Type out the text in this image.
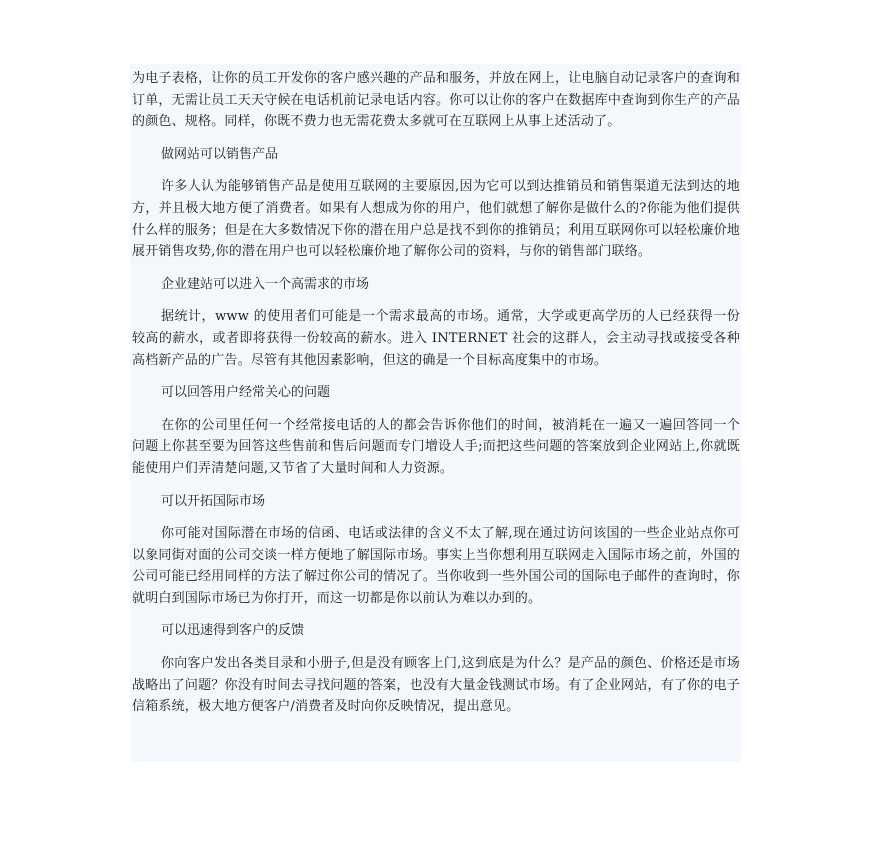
为电子表格，让你的员工开发你的客户感兴趣的产品和服务，并放在网上，让电脑自动记录客户的查询和订单，无需让员工天天守候在电话机前记录电话内容。你可以让你的客户在数据库中查询到你生产的产品的颜色、规格。同样，你既不费力也无需花费太多就可在互联网上从事上述活动了。

做网站可以销售产品

许多人认为能够销售产品是使用互联网的主要原因,因为它可以到达推销员和销售渠道无法到达的地方，并且极大地方便了消费者。如果有人想成为你的用户，他们就想了解你是做什么的?你能为他们提供什么样的服务；但是在大多数情况下你的潜在用户总是找不到你的推销员；利用互联网你可以轻松廉价地展开销售攻势,你的潜在用户也可以轻松廉价地了解你公司的资料，与你的销售部门联络。

企业建站可以进入一个高需求的市场

据统计，www 的使用者们可能是一个需求最高的市场。通常，大学或更高学历的人已经获得一份较高的薪水，或者即将获得一份较高的薪水。进入 INTERNET 社会的这群人，会主动寻找或接受各种高档新产品的广告。尽管有其他因素影响，但这的确是一个目标高度集中的市场。

可以回答用户经常关心的问题

在你的公司里任何一个经常接电话的人的都会告诉你他们的时间，被消耗在一遍又一遍回答同一个问题上你甚至要为回答这些售前和售后问题而专门增设人手;而把这些问题的答案放到企业网站上,你就既能使用户们弄清楚问题,又节省了大量时间和人力资源。

可以开拓国际市场

你可能对国际潜在市场的信函、电话或法律的含义不太了解,现在通过访问该国的一些企业站点你可以象同街对面的公司交谈一样方便地了解国际市场。事实上当你想利用互联网走入国际市场之前，外国的公司可能已经用同样的方法了解过你公司的情况了。当你收到一些外国公司的国际电子邮件的查询时，你就明白到国际市场已为你打开，而这一切都是你以前认为难以办到的。

可以迅速得到客户的反馈

你向客户发出各类目录和小册子,但是没有顾客上门,这到底是为什么？是产品的颜色、价格还是市场战略出了问题？你没有时间去寻找问题的答案，也没有大量金钱测试市场。有了企业网站，有了你的电子信箱系统，极大地方便客户/消费者及时向你反映情况，提出意见。
